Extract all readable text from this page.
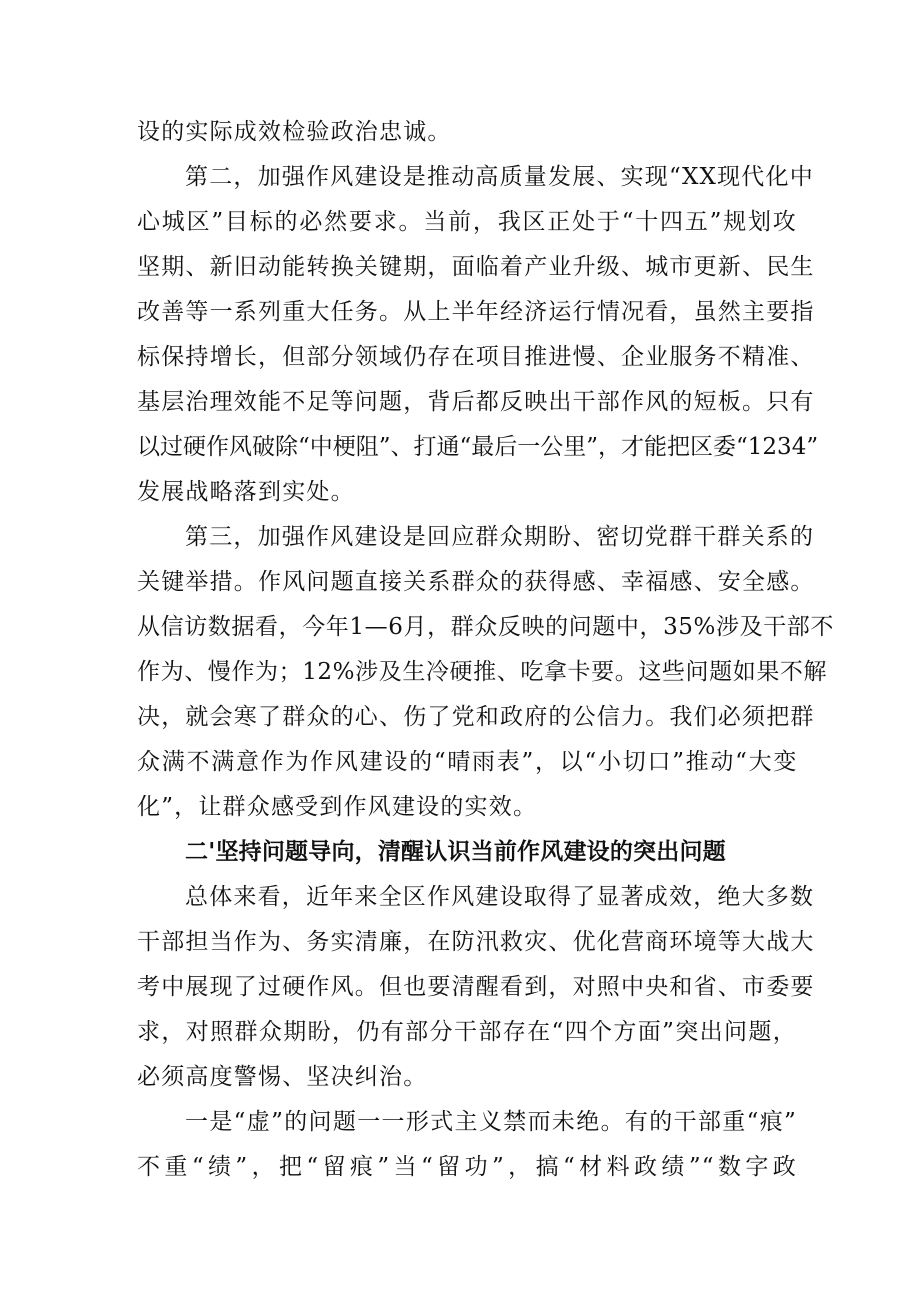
设的实际成效检验政治忠诚。
第二，加强作风建设是推动高质量发展、实现“XX现代化中
心城区”目标的必然要求。当前，我区正处于“十四五”规划攻
坚期、新旧动能转换关键期，面临着产业升级、城市更新、民生
改善等一系列重大任务。从上半年经济运行情况看，虽然主要指
标保持增长，但部分领域仍存在项目推进慢、企业服务不精准、
基层治理效能不足等问题，背后都反映出干部作风的短板。只有
以过硬作风破除“中梗阻”、打通“最后一公里”，才能把区委“1234”
发展战略落到实处。
第三，加强作风建设是回应群众期盼、密切党群干群关系的
关键举措。作风问题直接关系群众的获得感、幸福感、安全感。
从信访数据看，今年1—6月，群众反映的问题中，35%涉及干部不
作为、慢作为；12%涉及生冷硬推、吃拿卡要。这些问题如果不解
决，就会寒了群众的心、伤了党和政府的公信力。我们必须把群
众满不满意作为作风建设的“晴雨表”，以“小切口”推动“大变
化”，让群众感受到作风建设的实效。
二'坚持问题导向，清醒认识当前作风建设的突出问题
总体来看，近年来全区作风建设取得了显著成效，绝大多数
干部担当作为、务实清廉，在防汛救灾、优化营商环境等大战大
考中展现了过硬作风。但也要清醒看到，对照中央和省、市委要
求，对照群众期盼，仍有部分干部存在“四个方面”突出问题，
必须高度警惕、坚决纠治。
一是“虚”的问题一一形式主义禁而未绝。有的干部重“痕”
不重“绩”，把“留痕”当“留功”，搞“材料政绩”“数字政
